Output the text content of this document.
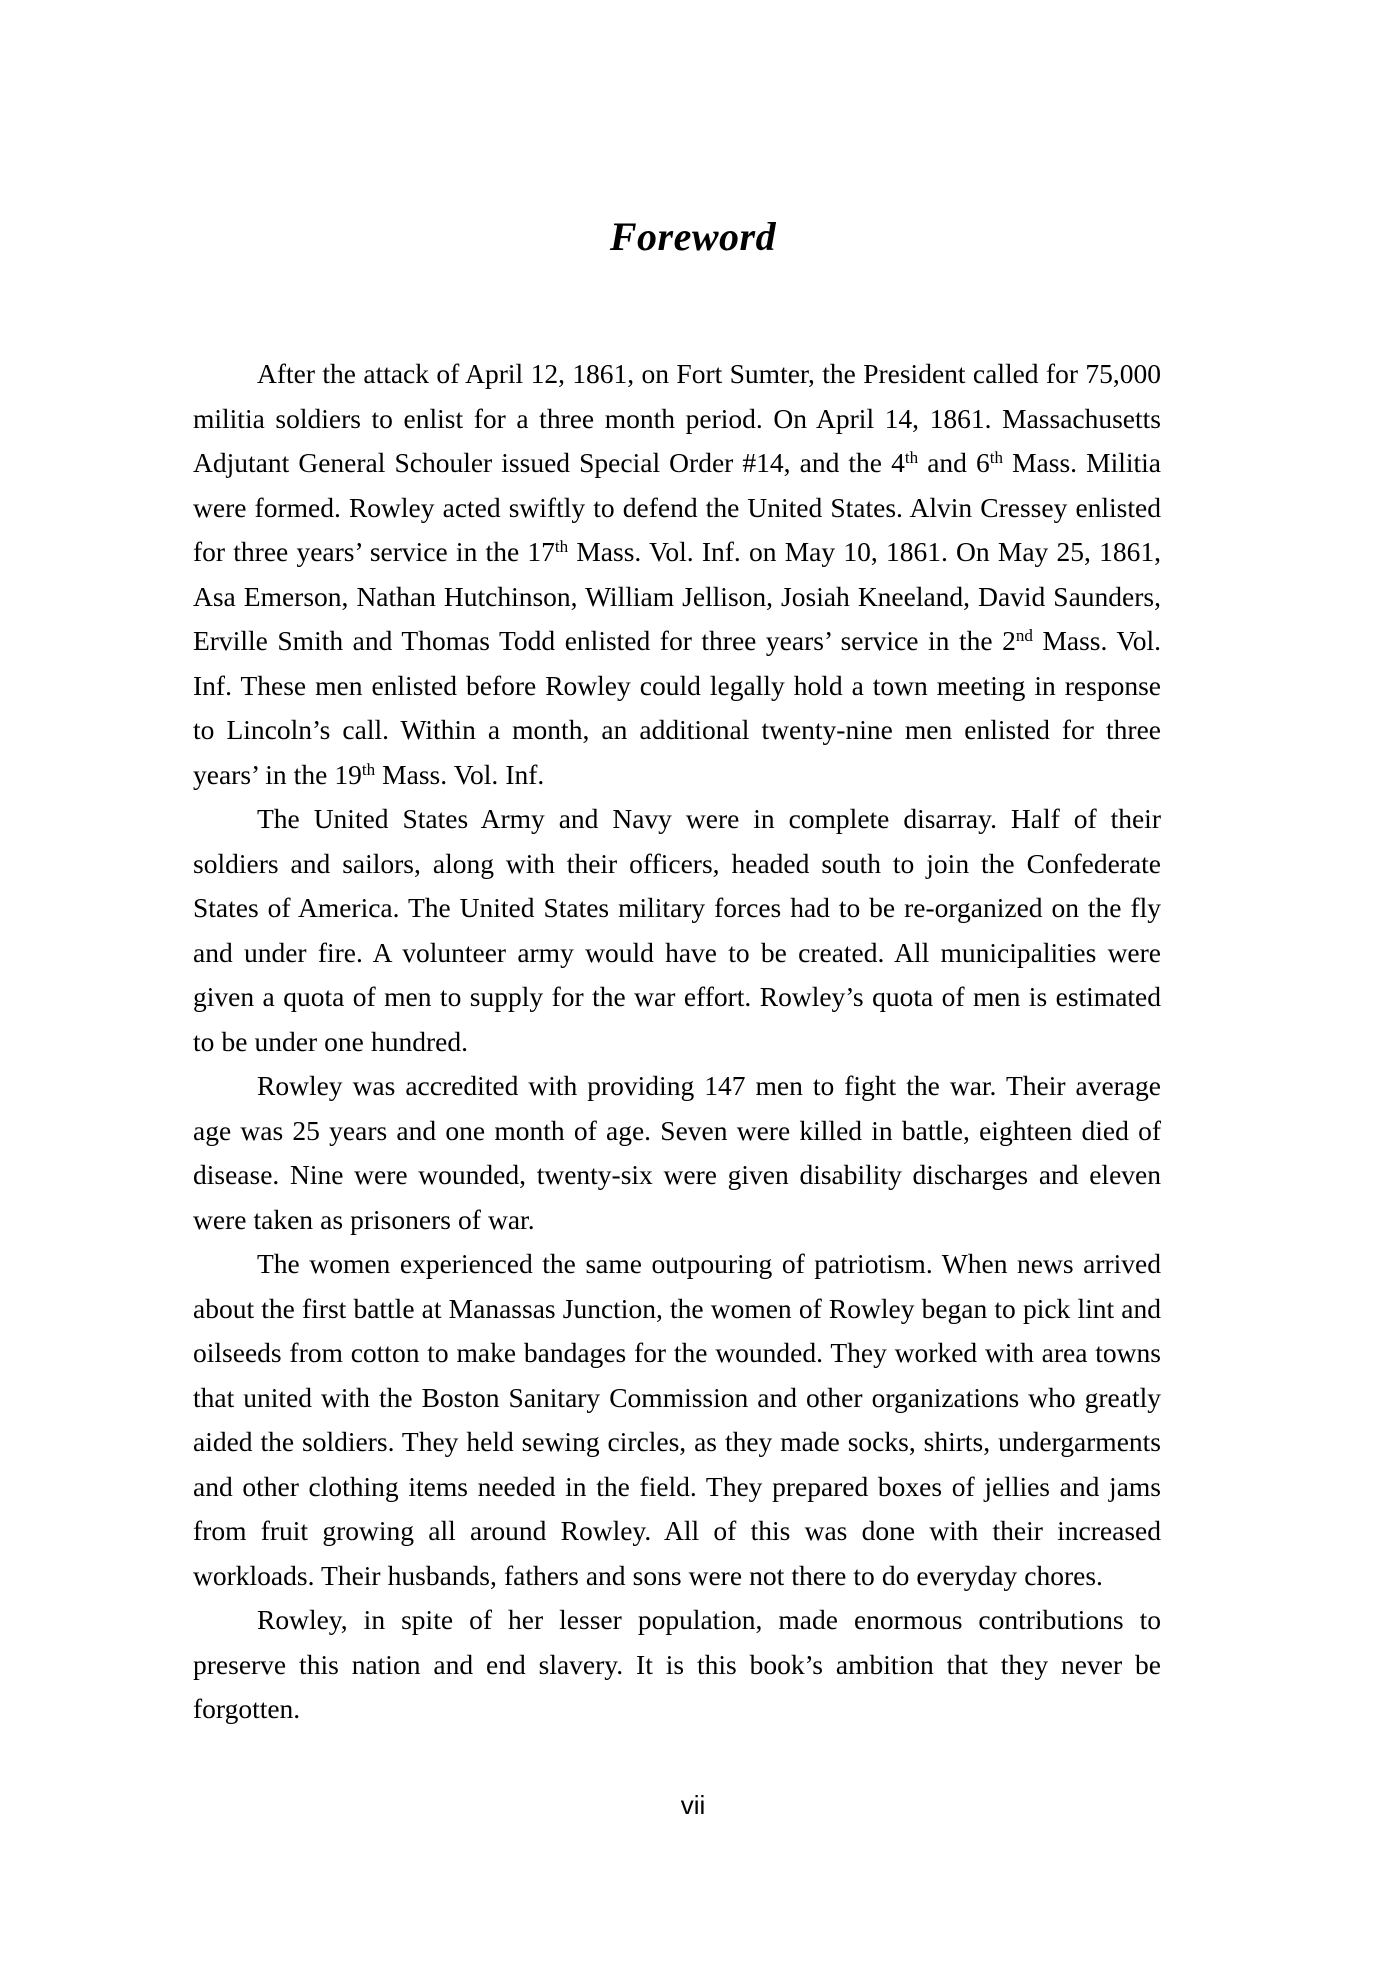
Foreword

After the attack of April 12, 1861, on Fort Sumter, the President called for 75,000 militia soldiers to enlist for a three month period. On April 14, 1861. Massachusetts Adjutant General Schouler issued Special Order #14, and the 4th and 6th Mass. Militia were formed. Rowley acted swiftly to defend the United States. Alvin Cressey enlisted for three years’ service in the 17th Mass. Vol. Inf. on May 10, 1861. On May 25, 1861, Asa Emerson, Nathan Hutchinson, William Jellison, Josiah Kneeland, David Saunders, Erville Smith and Thomas Todd enlisted for three years’ service in the 2nd Mass. Vol. Inf. These men enlisted before Rowley could legally hold a town meeting in response to Lincoln’s call. Within a month, an additional twenty-nine men enlisted for three years’ in the 19th Mass. Vol. Inf.

The United States Army and Navy were in complete disarray. Half of their soldiers and sailors, along with their officers, headed south to join the Confederate States of America. The United States military forces had to be re-organized on the fly and under fire. A volunteer army would have to be created. All municipalities were given a quota of men to supply for the war effort. Rowley’s quota of men is estimated to be under one hundred.

Rowley was accredited with providing 147 men to fight the war. Their average age was 25 years and one month of age. Seven were killed in battle, eighteen died of disease. Nine were wounded, twenty-six were given disability discharges and eleven were taken as prisoners of war.

The women experienced the same outpouring of patriotism. When news arrived about the first battle at Manassas Junction, the women of Rowley began to pick lint and oilseeds from cotton to make bandages for the wounded. They worked with area towns that united with the Boston Sanitary Commission and other organizations who greatly aided the soldiers. They held sewing circles, as they made socks, shirts, undergarments and other clothing items needed in the field. They prepared boxes of jellies and jams from fruit growing all around Rowley. All of this was done with their increased workloads. Their husbands, fathers and sons were not there to do everyday chores.

Rowley, in spite of her lesser population, made enormous contributions to preserve this nation and end slavery. It is this book’s ambition that they never be forgotten.

vii
